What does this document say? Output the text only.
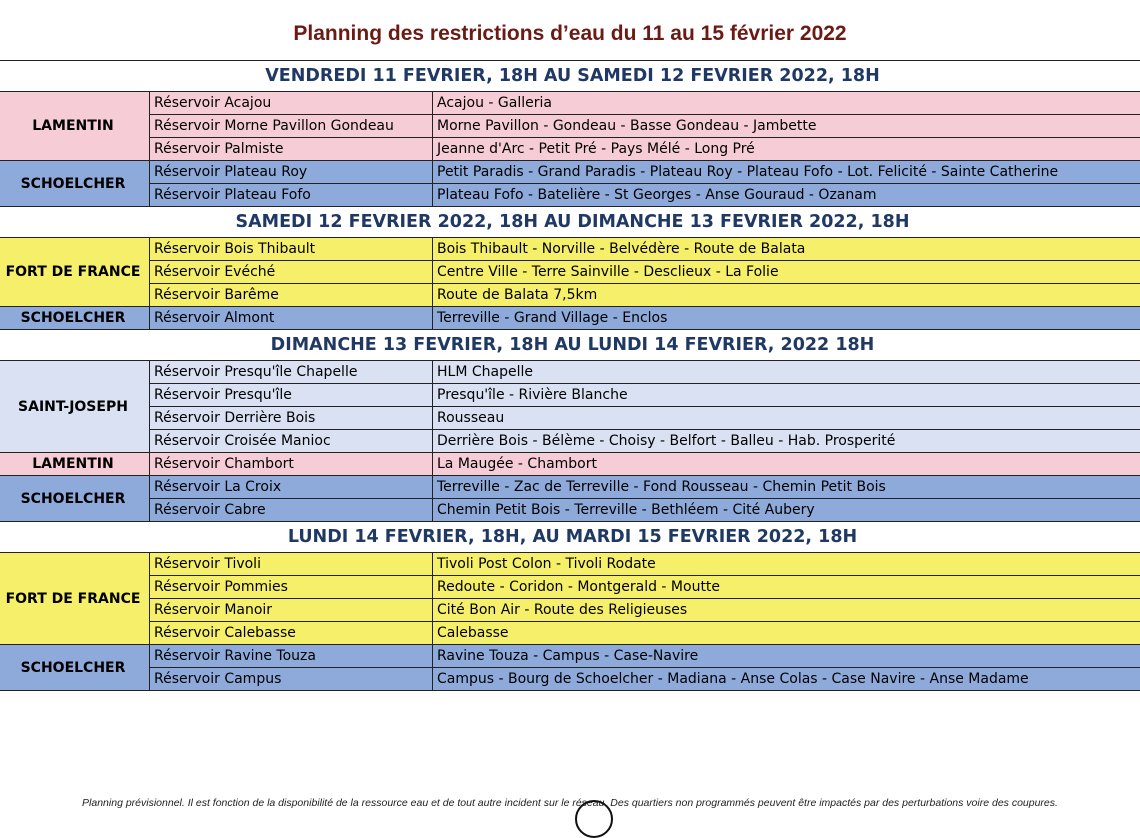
Planning des restrictions d’eau du 11 au 15 février 2022
VENDREDI 11 FEVRIER, 18H AU SAMEDI 12 FEVRIER 2022, 18H		
LAMENTIN	Réservoir Acajou	Acajou - Galleria
	Réservoir Morne Pavillon Gondeau	Morne Pavillon - Gondeau - Basse Gondeau - Jambette
	Réservoir Palmiste	Jeanne d'Arc - Petit Pré - Pays Mélé - Long Pré
SCHOELCHER	Réservoir Plateau Roy	Petit Paradis - Grand Paradis - Plateau Roy - Plateau Fofo - Lot. Felicité - Sainte Catherine
	Réservoir Plateau Fofo	Plateau Fofo - Batelière - St Georges - Anse Gouraud - Ozanam
SAMEDI 12 FEVRIER 2022, 18H AU DIMANCHE 13 FEVRIER 2022, 18H		
FORT DE FRANCE	Réservoir Bois Thibault	Bois Thibault - Norville - Belvédère - Route de Balata
	Réservoir Evéché	Centre Ville - Terre Sainville - Desclieux - La Folie
	Réservoir Barême	Route de Balata 7,5km
SCHOELCHER	Réservoir Almont	Terreville - Grand Village - Enclos
DIMANCHE 13 FEVRIER, 18H AU LUNDI 14 FEVRIER, 2022 18H		
SAINT-JOSEPH	Réservoir Presqu'île Chapelle	HLM Chapelle
	Réservoir Presqu'île	Presqu'île - Rivière Blanche
	Réservoir Derrière Bois	Rousseau
	Réservoir Croisée Manioc	Derrière Bois - Bélème - Choisy - Belfort - Balleu - Hab. Prosperité
LAMENTIN	Réservoir Chambort	La Maugée - Chambort
SCHOELCHER	Réservoir La Croix	Terreville - Zac de Terreville - Fond Rousseau - Chemin Petit Bois
	Réservoir Cabre	Chemin Petit Bois - Terreville - Bethléem - Cité Aubery
LUNDI 14 FEVRIER, 18H, AU MARDI 15 FEVRIER 2022, 18H		
FORT DE FRANCE	Réservoir Tivoli	Tivoli Post Colon - Tivoli Rodate
	Réservoir Pommies	Redoute - Coridon - Montgerald - Moutte
	Réservoir Manoir	Cité Bon Air - Route des Religieuses
	Réservoir Calebasse	Calebasse
SCHOELCHER	Réservoir Ravine Touza	Ravine Touza - Campus - Case-Navire
	Réservoir Campus	Campus - Bourg de Schoelcher - Madiana - Anse Colas - Case Navire - Anse Madame
Planning prévisionnel. Il est fonction de la disponibilité de la ressource eau et de tout autre incident sur le réseau. Des quartiers non programmés peuvent être impactés par des perturbations voire des coupures.
